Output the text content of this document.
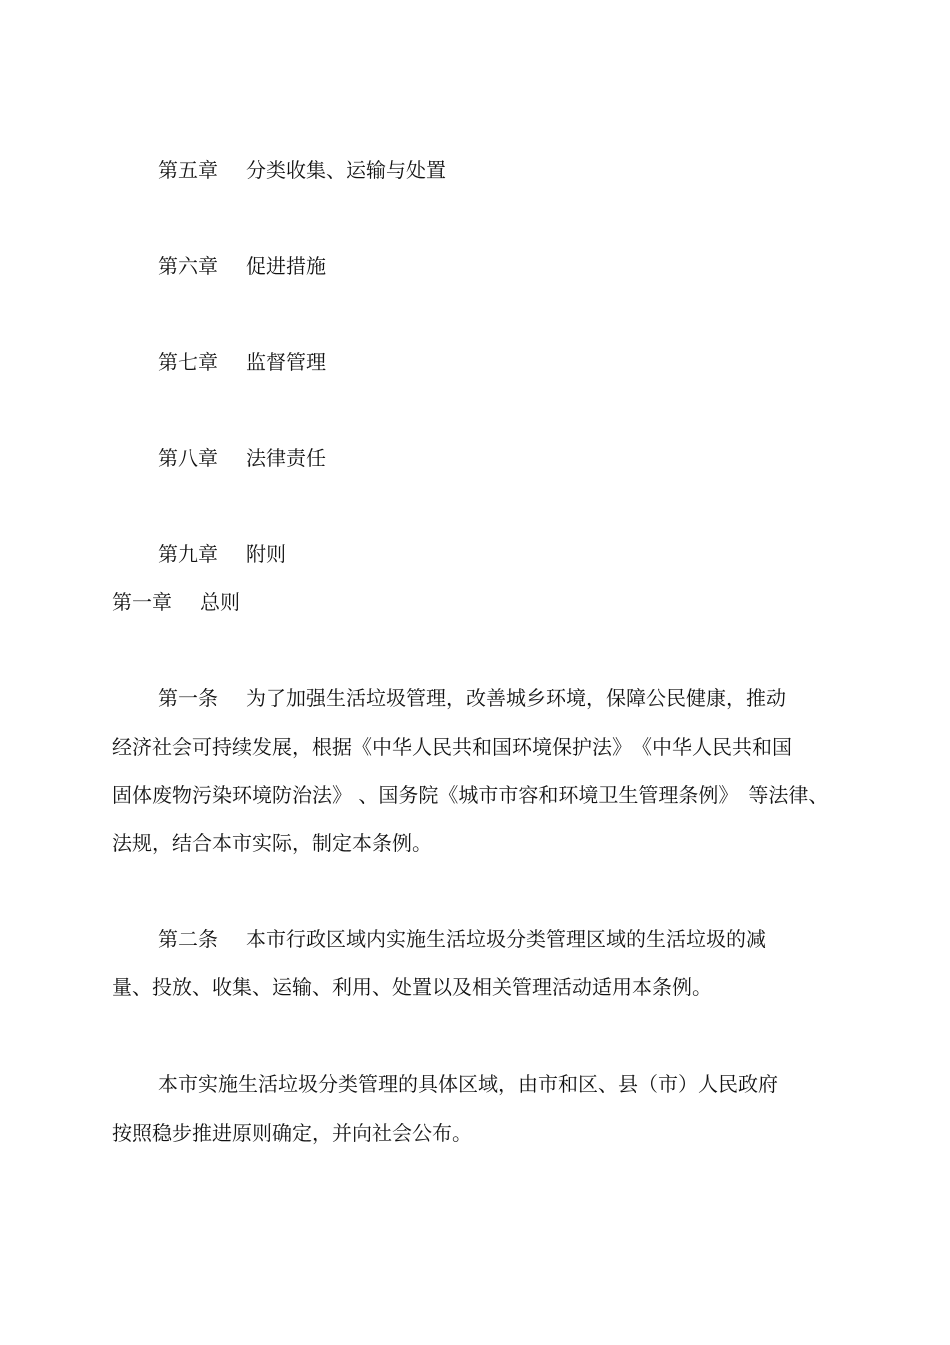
第五章 分类收集、运输与处置
第六章 促进措施
第七章 监督管理
第八章 法律责任
第九章 附则
第一章 总则
第一条 为了加强生活垃圾管理，改善城乡环境，保障公民健康，推动
经济社会可持续发展，根据《中华人民共和国环境保护法》　《中华人民共和国
固体废物污染环境防治法》 、国务院《城市市容和环境卫生管理条例》　等法律、
法规，结合本市实际，制定本条例。
第二条 本市行政区域内实施生活垃圾分类管理区域的生活垃圾的减
量、投放、收集、运输、利用、处置以及相关管理活动适用本条例。
本市实施生活垃圾分类管理的具体区域，由市和区、县（市）人民政府
按照稳步推进原则确定，并向社会公布。
